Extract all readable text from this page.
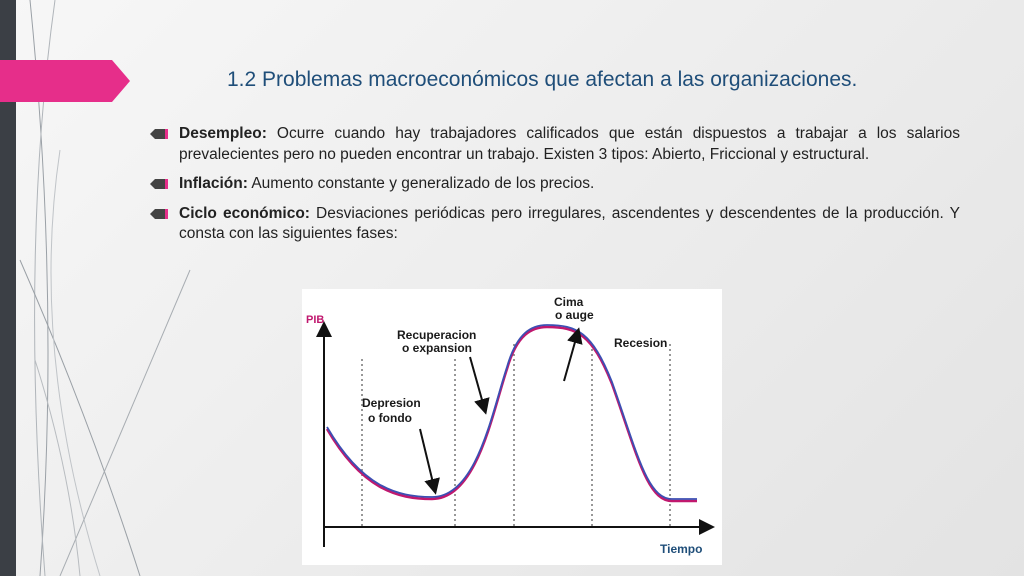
1.2 Problemas macroeconómicos que afectan a las organizaciones.
Desempleo: Ocurre cuando hay trabajadores calificados que están dispuestos a trabajar a los salarios prevalecientes pero no pueden encontrar un trabajo. Existen 3 tipos: Abierto, Friccional y estructural.
Inflación: Aumento constante y generalizado de los precios.
Ciclo económico: Desviaciones periódicas pero irregulares, ascendentes y descendentes de la producción. Y consta con las siguientes fases:
PIB
Tiempo
Depresion
o fondo
Recuperacion
o expansion
Cima
o auge
Recesion
